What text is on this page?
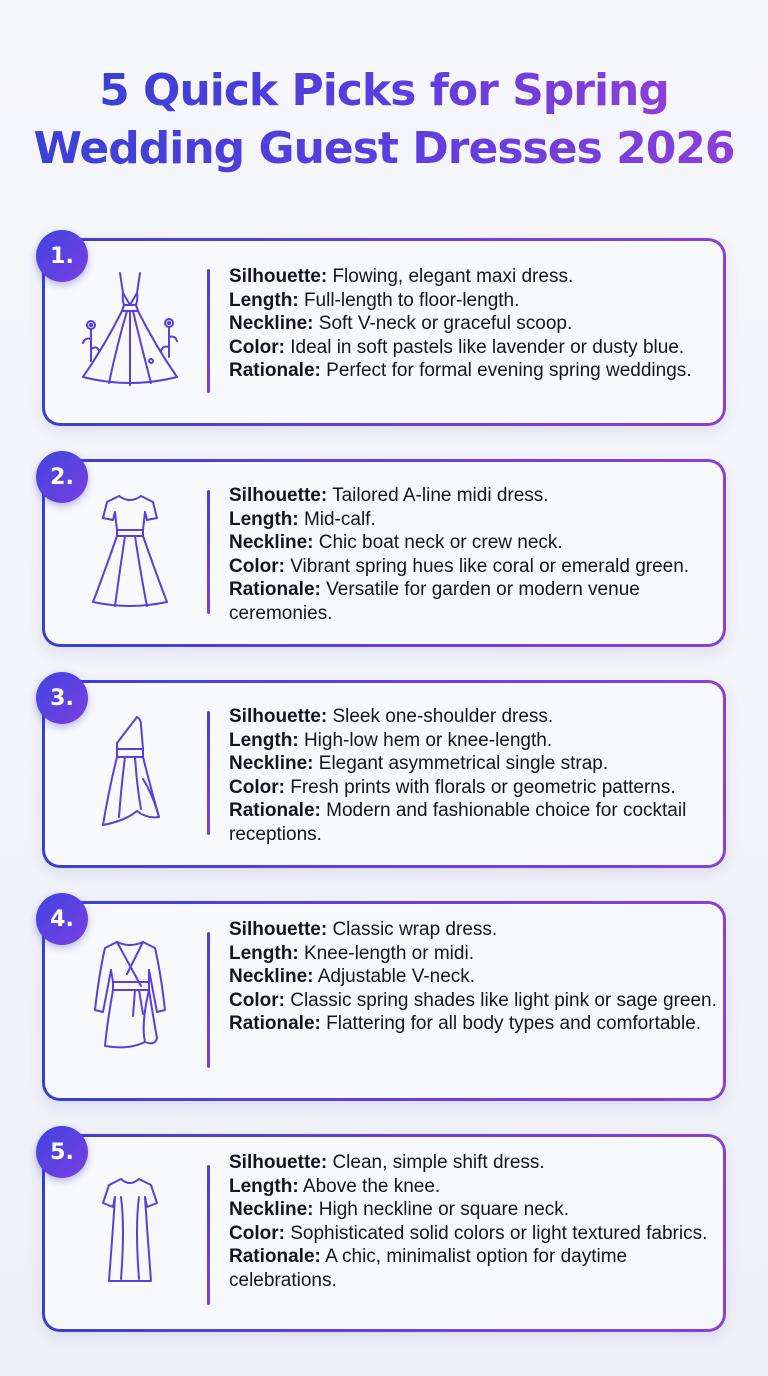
5 Quick Picks for Spring
Wedding Guest Dresses 2026
Silhouette: Flowing, elegant maxi dress.
Length: Full-length to floor-length.
Neckline: Soft V-neck or graceful scoop.
Color: Ideal in soft pastels like lavender or dusty blue.
Rationale: Perfect for formal evening spring weddings.
1.
Silhouette: Tailored A-line midi dress.
Length: Mid-calf.
Neckline: Chic boat neck or crew neck.
Color: Vibrant spring hues like coral or emerald green.
Rationale: Versatile for garden or modern venue ceremonies.
2.
Silhouette: Sleek one-shoulder dress.
Length: High-low hem or knee-length.
Neckline: Elegant asymmetrical single strap.
Color: Fresh prints with florals or geometric patterns.
Rationale: Modern and fashionable choice for cocktail receptions.
3.
Silhouette: Classic wrap dress.
Length: Knee-length or midi.
Neckline: Adjustable V-neck.
Color: Classic spring shades like light pink or sage green.
Rationale: Flattering for all body types and comfortable.
4.
Silhouette: Clean, simple shift dress.
Length: Above the knee.
Neckline: High neckline or square neck.
Color: Sophisticated solid colors or light textured fabrics.
Rationale: A chic, minimalist option for daytime celebrations.
5.
